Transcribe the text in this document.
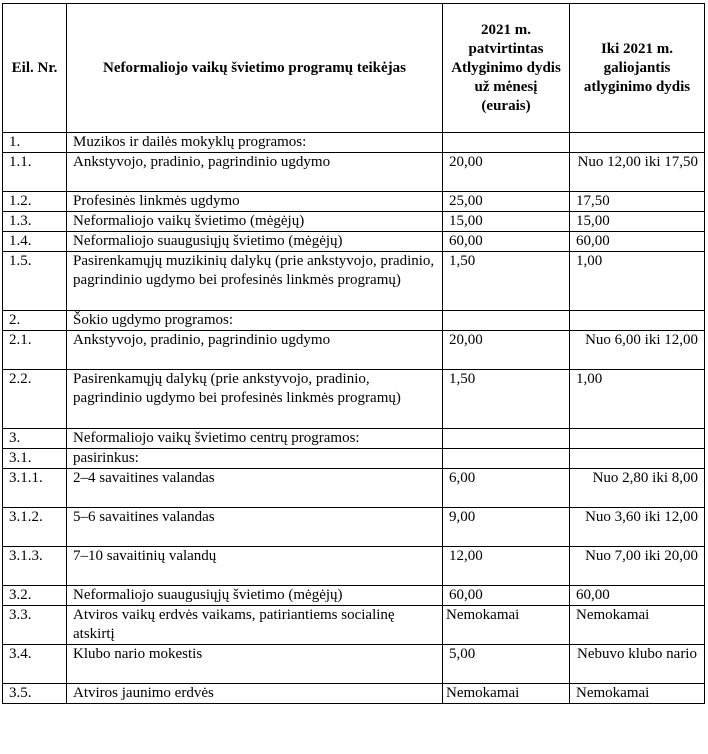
Eil. Nr.	Neformaliojo vaikų švietimo programų teikėjas	2021 m. patvirtintas Atlyginimo dydis už mėnesį (eurais)	Iki 2021 m. galiojantis atlyginimo dydis
1.	Muzikos ir dailės mokyklų programos:		
1.1.	Ankstyvojo, pradinio, pagrindinio ugdymo	20,00	Nuo 12,00 iki 17,50
1.2.	Profesinės linkmės ugdymo	25,00	17,50
1.3.	Neformaliojo vaikų švietimo (mėgėjų)	15,00	15,00
1.4.	Neformaliojo suaugusiųjų švietimo (mėgėjų)	60,00	60,00
1.5.	Pasirenkamųjų muzikinių dalykų (prie ankstyvojo, pradinio, pagrindinio ugdymo bei profesinės linkmės programų)	1,50	1,00
2.	Šokio ugdymo programos:		
2.1.	Ankstyvojo, pradinio, pagrindinio ugdymo	20,00	Nuo 6,00 iki 12,00
2.2.	Pasirenkamųjų dalykų (prie ankstyvojo, pradinio, pagrindinio ugdymo bei profesinės linkmės programų)	1,50	1,00
3.	Neformaliojo vaikų švietimo centrų programos:		
3.1.	pasirinkus:		
3.1.1.	2–4 savaitines valandas	6,00	Nuo 2,80 iki 8,00
3.1.2.	5–6 savaitines valandas	9,00	Nuo 3,60 iki 12,00
3.1.3.	7–10 savaitinių valandų	12,00	Nuo 7,00 iki 20,00
3.2.	Neformaliojo suaugusiųjų švietimo (mėgėjų)	60,00	60,00
3.3.	Atviros vaikų erdvės vaikams, patiriantiems socialinę atskirtį	Nemokamai	Nemokamai
3.4.	Klubo nario mokestis	5,00	Nebuvo klubo nario
3.5.	Atviros jaunimo erdvės	Nemokamai	Nemokamai
